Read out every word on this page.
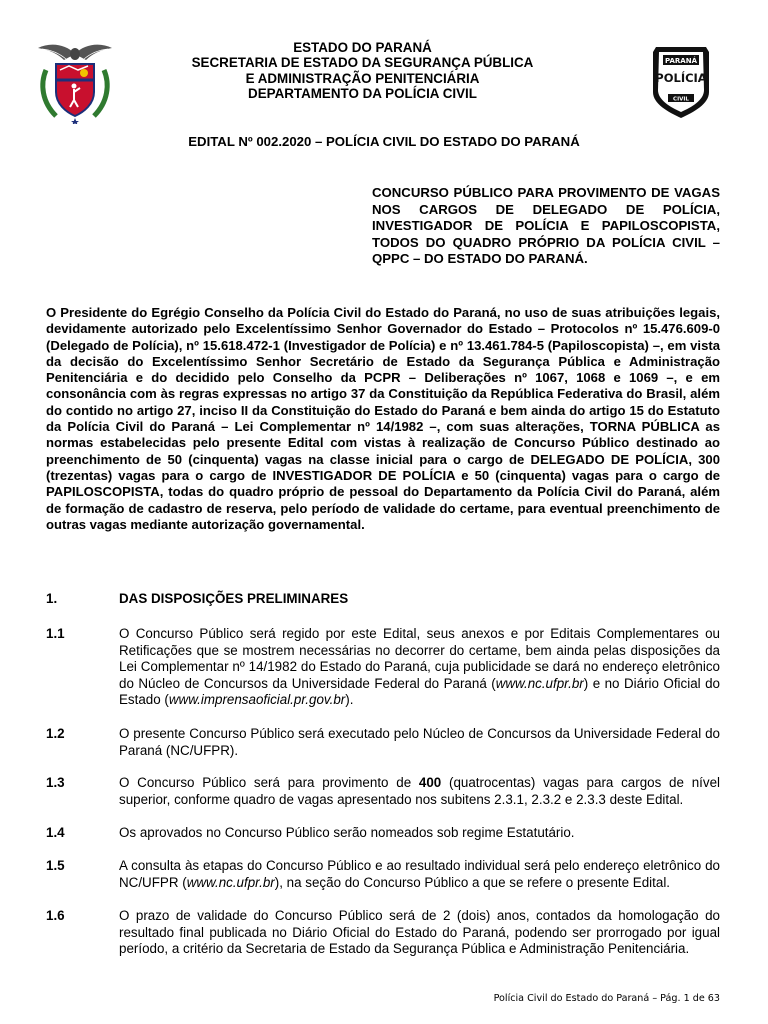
ESTADO DO PARANÁ
SECRETARIA DE ESTADO DA SEGURANÇA PÚBLICA
E ADMINISTRAÇÃO PENITENCIÁRIA
DEPARTAMENTO DA POLÍCIA CIVIL
PARANÁ
POLÍCIA
CIVIL
EDITAL Nº 002.2020 – POLÍCIA CIVIL DO ESTADO DO PARANÁ
CONCURSO PÚBLICO PARA PROVIMENTO DE VAGAS NOS CARGOS DE DELEGADO DE POLÍCIA, INVESTIGADOR DE POLÍCIA E PAPILOSCOPISTA, TODOS DO QUADRO PRÓPRIO DA POLÍCIA CIVIL – QPPC – DO ESTADO DO PARANÁ.

O Presidente do Egrégio Conselho da Polícia Civil do Estado do Paraná, no uso de suas atribuições legais, devidamente autorizado pelo Excelentíssimo Senhor Governador do Estado – Protocolos nº 15.476.609-0 (Delegado de Polícia), nº 15.618.472-1 (Investigador de Polícia) e nº 13.461.784-5 (Papiloscopista) –, em vista da decisão do Excelentíssimo Senhor Secretário de Estado da Segurança Pública e Administração Penitenciária e do decidido pelo Conselho da PCPR – Deliberações nº 1067, 1068 e 1069 –, e em consonância com às regras expressas no artigo 37 da Constituição da República Federativa do Brasil, além do contido no artigo 27, inciso II da Constituição do Estado do Paraná e bem ainda do artigo 15 do Estatuto da Polícia Civil do Paraná – Lei Complementar nº 14/1982 –, com suas alterações, TORNA PÚBLICA as normas estabelecidas pelo presente Edital com vistas à realização de Concurso Público destinado ao preenchimento de 50 (cinquenta) vagas na classe inicial para o cargo de DELEGADO DE POLÍCIA, 300 (trezentas) vagas para o cargo de INVESTIGADOR DE POLÍCIA e 50 (cinquenta) vagas para o cargo de PAPILOSCOPISTA, todas do quadro próprio de pessoal do Departamento da Polícia Civil do Paraná, além de formação de cadastro de reserva, pelo período de validade do certame, para eventual preenchimento de outras vagas mediante autorização governamental.

1.	DAS DISPOSIÇÕES PRELIMINARES
1.1	O Concurso Público será regido por este Edital, seus anexos e por Editais Complementares ou Retificações que se mostrem necessárias no decorrer do certame, bem ainda pelas disposições da Lei Complementar nº 14/1982 do Estado do Paraná, cuja publicidade se dará no endereço eletrônico do Núcleo de Concursos da Universidade Federal do Paraná (www.nc.ufpr.br) e no Diário Oficial do Estado (www.imprensaoficial.pr.gov.br).

1.2	O presente Concurso Público será executado pelo Núcleo de Concursos da Universidade Federal do Paraná (NC/UFPR).

1.3	O Concurso Público será para provimento de 400 (quatrocentas) vagas para cargos de nível superior, conforme quadro de vagas apresentado nos subitens 2.3.1, 2.3.2 e 2.3.3 deste Edital.

1.4	Os aprovados no Concurso Público serão nomeados sob regime Estatutário.

1.5	A consulta às etapas do Concurso Público e ao resultado individual será pelo endereço eletrônico do NC/UFPR (www.nc.ufpr.br), na seção do Concurso Público a que se refere o presente Edital.

1.6	O prazo de validade do Concurso Público será de 2 (dois) anos, contados da homologação do resultado final publicada no Diário Oficial do Estado do Paraná, podendo ser prorrogado por igual período, a critério da Secretaria de Estado da Segurança Pública e Administração Penitenciária.

Polícia Civil do Estado do Paraná – Pág. 1 de 63
